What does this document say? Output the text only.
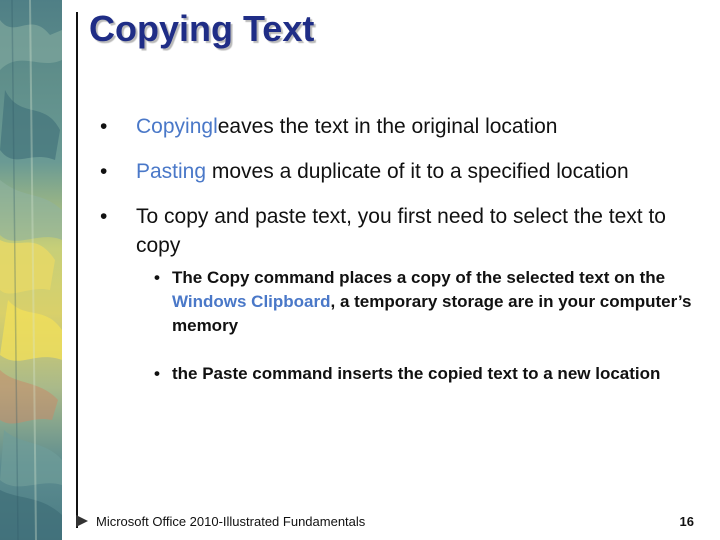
Copying Text
• Copyingleaves the text in the original location
• Pasting moves a duplicate of it to a specified location
• To copy and paste text, you first need to select the text to copy
• The Copy command places a copy of the selected text on the Windows Clipboard, a temporary storage are in your computer’s memory
• the Paste command inserts the copied text to a new location
Microsoft Office 2010-Illustrated Fundamentals	16
